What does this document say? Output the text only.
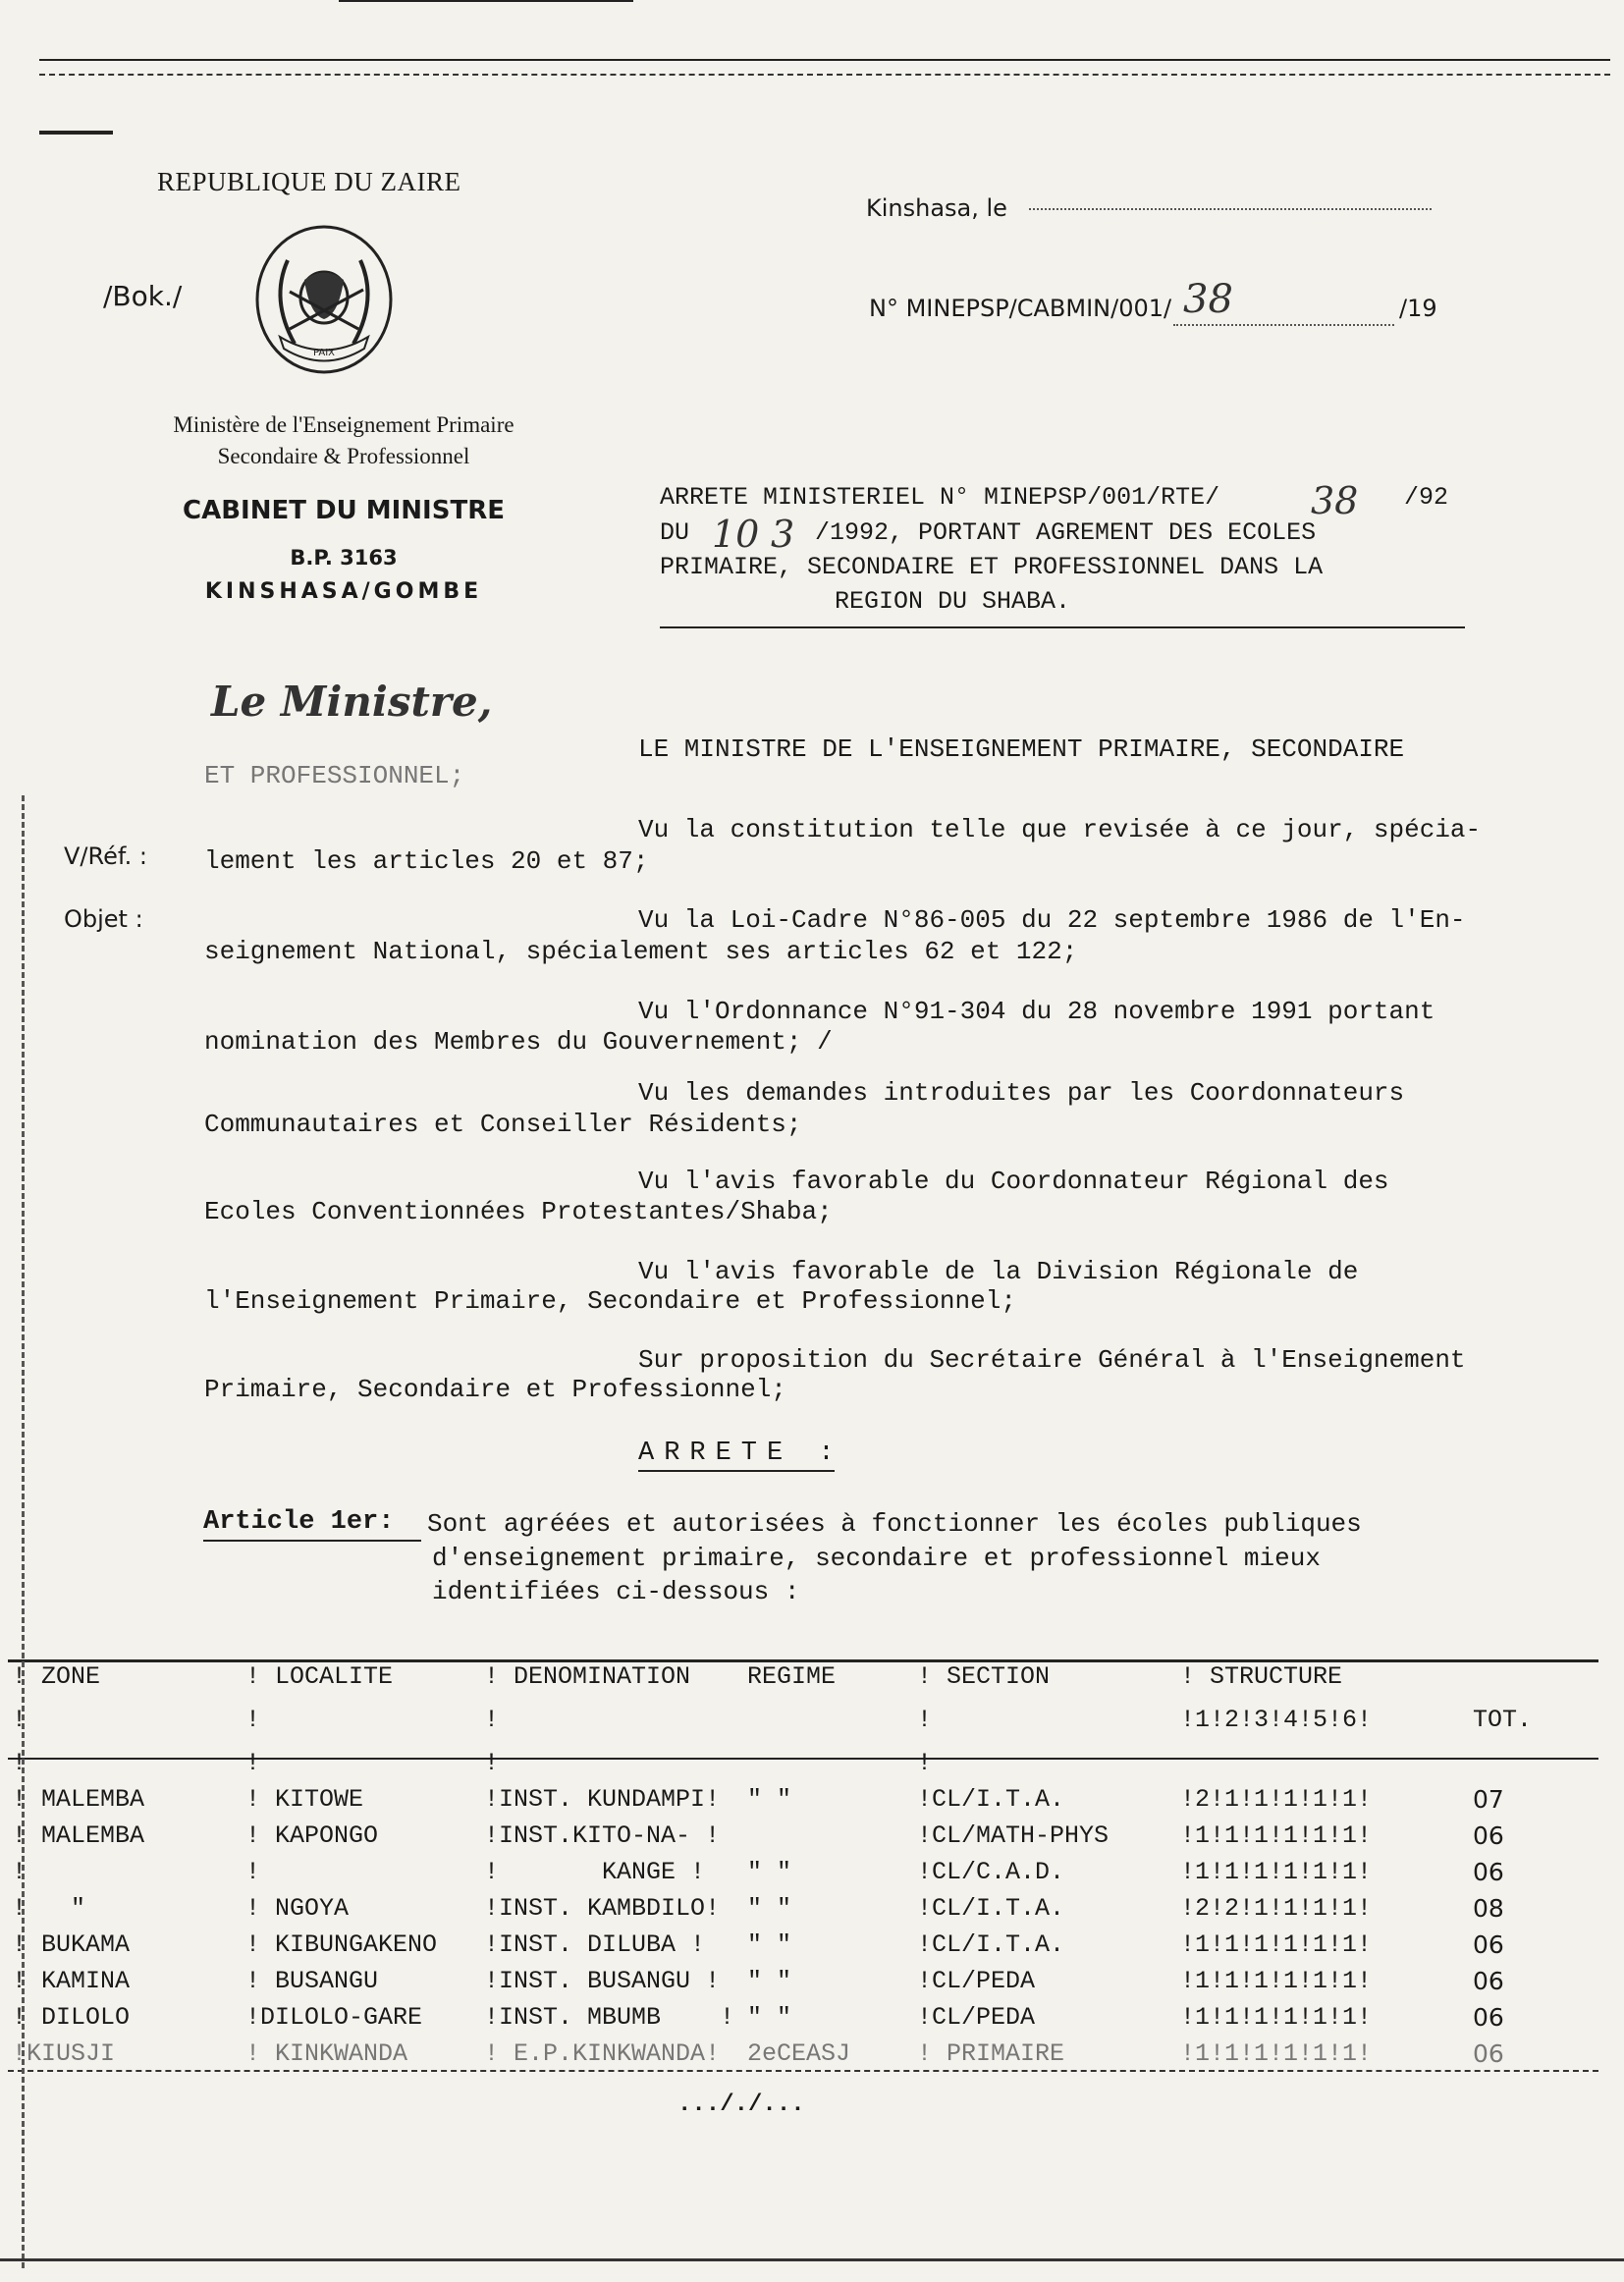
REPUBLIQUE DU ZAIRE
/Bok./
PAIX
Ministère de l'Enseignement Primaire
Secondaire & Professionnel
CABINET DU MINISTRE
B.P. 3163
KINSHASA/GOMBE
Kinshasa, le
N° MINEPSP/CABMIN/001/ 38	/19
ARRETE MINISTERIEL N° MINEPSP/001/RTE/ 38 /92
DU 10 3 /1992, PORTANT AGREMENT DES ECOLES
PRIMAIRE, SECONDAIRE ET PROFESSIONNEL DANS LA
REGION DU SHABA.
Le Ministre,
LE MINISTRE DE L'ENSEIGNEMENT PRIMAIRE, SECONDAIRE
ET PROFESSIONNEL;
V/Réf. :
Objet :
Vu la constitution telle que revisée à ce jour, spécia-
lement les articles 20 et 87;
Vu la Loi-Cadre N°86-005 du 22 septembre 1986 de l'En-
seignement National, spécialement ses articles 62 et 122;
Vu l'Ordonnance N°91-304 du 28 novembre 1991 portant
nomination des Membres du Gouvernement; /
Vu les demandes introduites par les Coordonnateurs
Communautaires et Conseiller Résidents;
Vu l'avis favorable du Coordonnateur Régional des
Ecoles Conventionnées Protestantes/Shaba;
Vu l'avis favorable de la Division Régionale de
l'Enseignement Primaire, Secondaire et Professionnel;
Sur proposition du Secrétaire Général à l'Enseignement
Primaire, Secondaire et Professionnel;
ARRETE :
Article 1er: Sont agréées et autorisées à fonctionner les écoles publiques
d'enseignement primaire, secondaire et professionnel mieux
identifiées ci-dessous :
! ZONE	! LOCALITE	! DENOMINATION	REGIME	! SECTION	! STRUCTURE	
!	!	!		!	!1!2!3!4!5!6!	TOT.
!	!	!		!		
! MALEMBA	! KITOWE	!INST. KUNDAMPI!	" "	!CL/I.T.A.	!2!1!1!1!1!1!	07
! MALEMBA	! KAPONGO	!INST.KITO-NA- !		!CL/MATH-PHYS	!1!1!1!1!1!1!	06
!	!	!       KANGE !	" "	!CL/C.A.D.	!1!1!1!1!1!1!	06
!   "	! NGOYA	!INST. KAMBDILO!	" "	!CL/I.T.A.	!2!2!1!1!1!1!	08
! BUKAMA	! KIBUNGAKENO	!INST. DILUBA !	" "	!CL/I.T.A.	!1!1!1!1!1!1!	06
! KAMINA	! BUSANGU	!INST. BUSANGU !	" "	!CL/PEDA	!1!1!1!1!1!1!	06
! DILOLO	!DILOLO-GARE	!INST. MBUMB    !	" "	!CL/PEDA	!1!1!1!1!1!1!	06
!KIUSJI	! KINKWANDA	! E.P.KINKWANDA!	2eCEASJ	! PRIMAIRE	!1!1!1!1!1!1!	06
..././...
